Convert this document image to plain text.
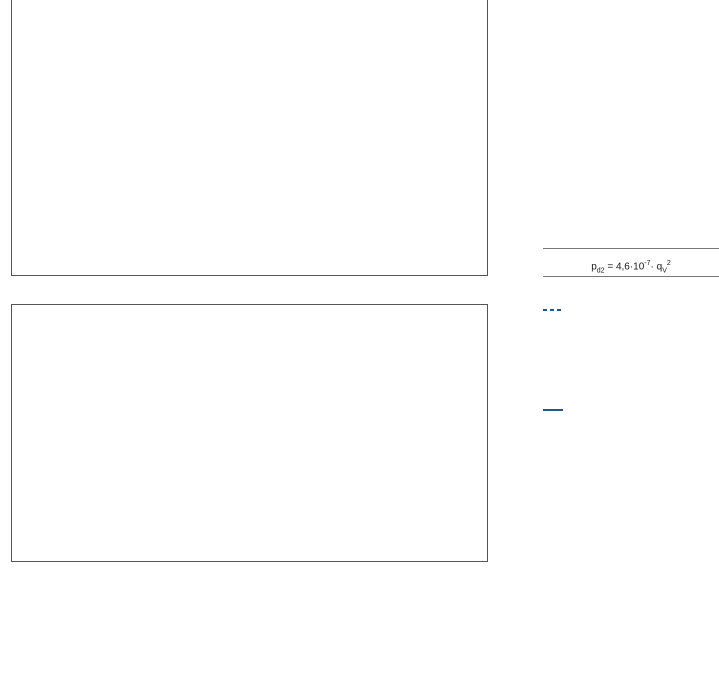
$p_{d2} = 4,6\cdot 10^{-7}\cdot q_V^2$
